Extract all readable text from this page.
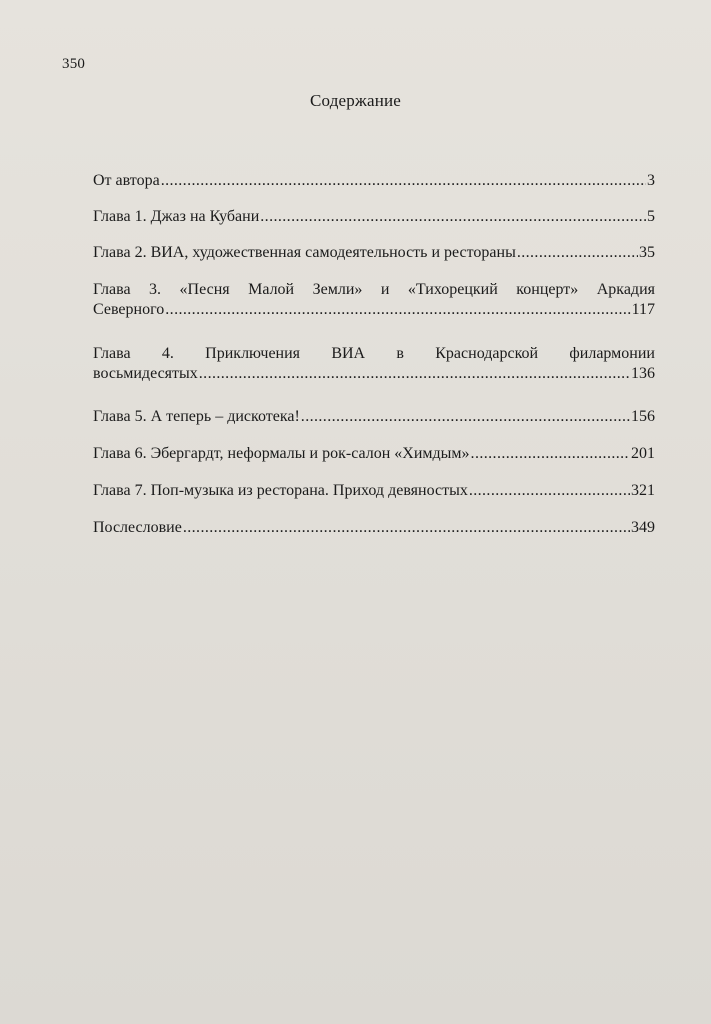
350
Содержание
От автора .....	3
Глава 1. Джаз на Кубани .....	5
Глава 2. ВИА, художественная самодеятельность и рестораны .....	35
Глава 3. «Песня Малой Земли» и «Тихорецкий концерт» Аркадия
Северного .....	117
Глава 4. Приключения ВИА в Краснодарской филармонии
восьмидесятых .....	136
Глава 5. А теперь – дискотека! .....	156
Глава 6. Эбергардт, неформалы и рок-салон «Химдым» .....	201
Глава 7. Поп-музыка из ресторана. Приход девяностых .....	321
Послесловие .....	349
